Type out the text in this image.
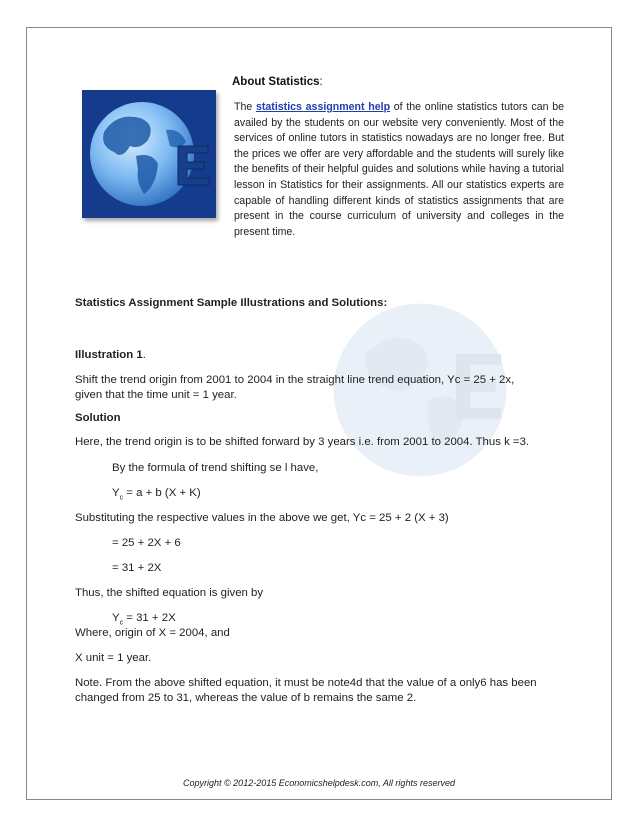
About Statistics:
The statistics assignment help of the online statistics tutors can be availed by the students on our website very conveniently. Most of the services of online tutors in statistics nowadays are no longer free. But the prices we offer are very affordable and the students will surely like the benefits of their helpful guides and solutions while having a tutorial lesson in Statistics for their assignments. All our statistics experts are capable of handling different kinds of statistics assignments that are present in the course curriculum of university and colleges in the present time.
Statistics Assignment Sample Illustrations and Solutions:
Illustration 1.
Shift the trend origin from 2001 to 2004 in the straight line trend equation, Yc = 25 + 2x,
given that the time unit = 1 year.
Solution
Here, the trend origin is to be shifted forward by 3 years i.e. from 2001 to 2004. Thus k =3.
By the formula of trend shifting se l have,
$Y_c = a + b$ (X + K)
Substituting the respective values in the above we get, Yc = 25 + 2 (X + 3)
= 25 + 2X + 6
= 31 + 2X
Thus, the shifted equation is given by
$Y_c = 31 + 2X$
Where, origin of X = 2004, and
X unit = 1 year.
Note. From the above shifted equation, it must be note4d that the value of a only6 has been
changed from 25 to 31, whereas the value of b remains the same 2.
Copyright © 2012-2015 Economicshelpdesk.com, All rights reserved
